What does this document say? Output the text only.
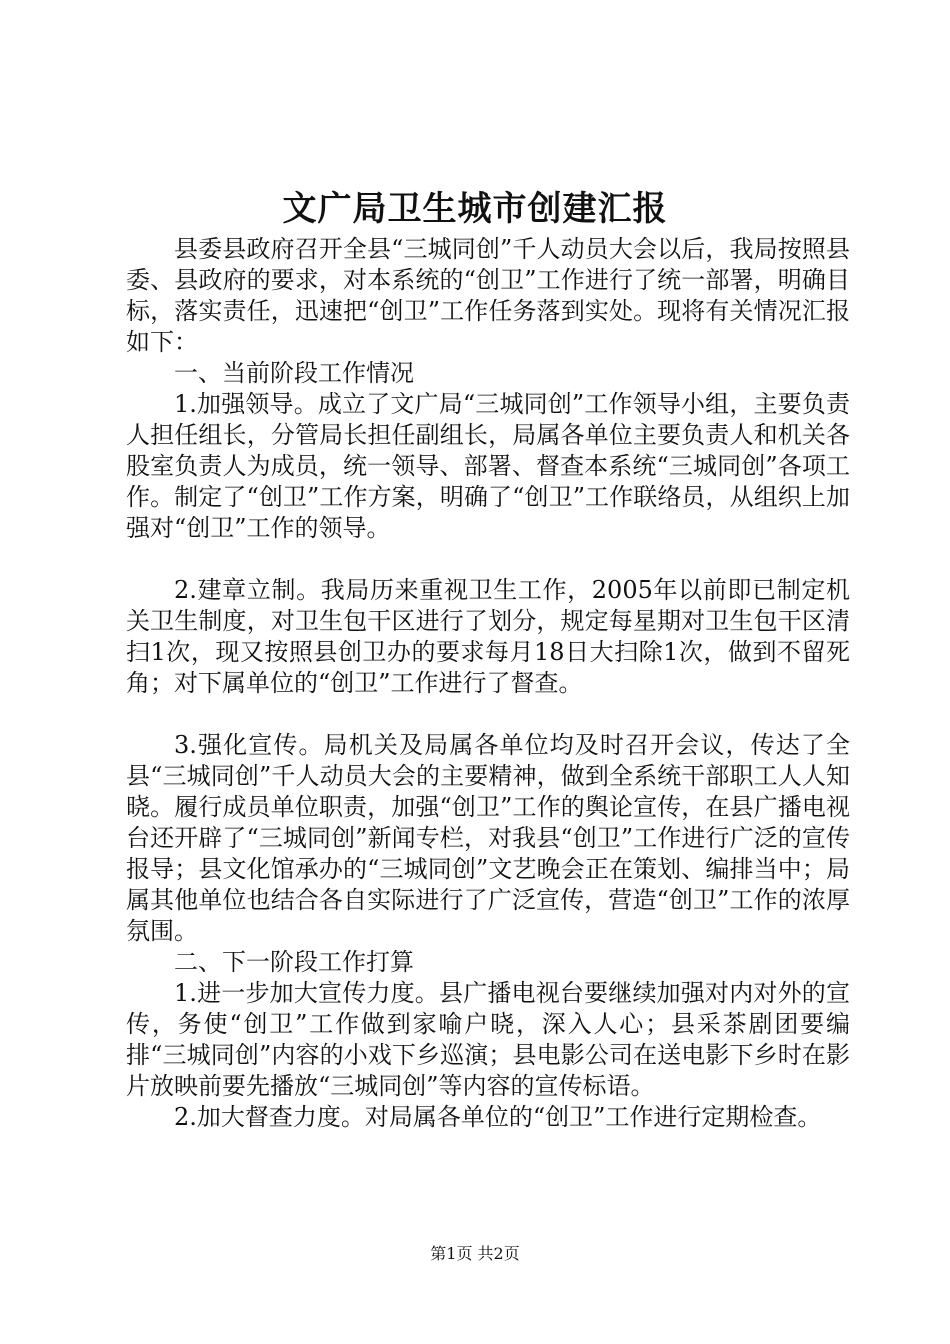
文广局卫生城市创建汇报

县委县政府召开全县“三城同创”千人动员大会以后，我局按照县委、县政府的要求，对本系统的“创卫”工作进行了统一部署，明确目标，落实责任，迅速把“创卫”工作任务落到实处。现将有关情况汇报如下：

一、当前阶段工作情况

1.加强领导。成立了文广局“三城同创”工作领导小组，主要负责人担任组长，分管局长担任副组长，局属各单位主要负责人和机关各股室负责人为成员，统一领导、部署、督查本系统“三城同创”各项工作。制定了“创卫”工作方案，明确了“创卫”工作联络员，从组织上加强对“创卫”工作的领导。

2.建章立制。我局历来重视卫生工作，2005年以前即已制定机关卫生制度，对卫生包干区进行了划分，规定每星期对卫生包干区清扫1次，现又按照县创卫办的要求每月18日大扫除1次，做到不留死角；对下属单位的“创卫”工作进行了督查。

3.强化宣传。局机关及局属各单位均及时召开会议，传达了全县“三城同创”千人动员大会的主要精神，做到全系统干部职工人人知晓。履行成员单位职责，加强“创卫”工作的舆论宣传，在县广播电视台还开辟了“三城同创”新闻专栏，对我县“创卫”工作进行广泛的宣传报导；县文化馆承办的“三城同创”文艺晚会正在策划、编排当中；局属其他单位也结合各自实际进行了广泛宣传，营造“创卫”工作的浓厚氛围。

二、下一阶段工作打算

1.进一步加大宣传力度。县广播电视台要继续加强对内对外的宣传，务使“创卫”工作做到家喻户晓，深入人心；县采茶剧团要编排“三城同创”内容的小戏下乡巡演；县电影公司在送电影下乡时在影片放映前要先播放“三城同创”等内容的宣传标语。

2.加大督查力度。对局属各单位的“创卫”工作进行定期检查。

第1页 共2页
